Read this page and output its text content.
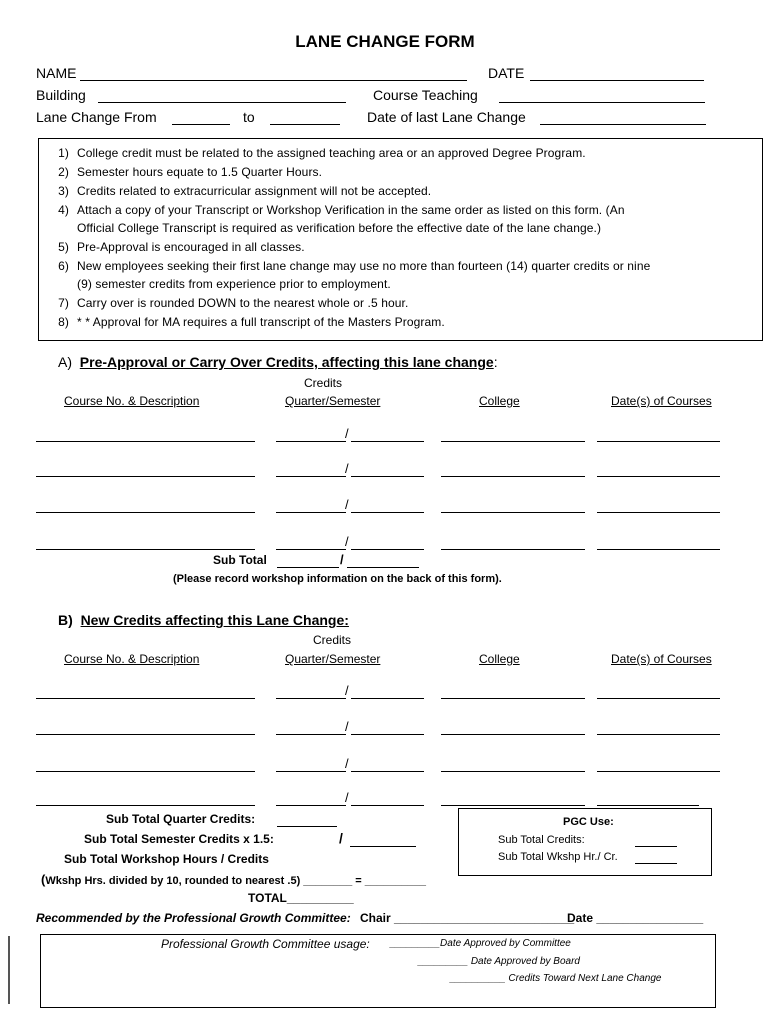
LANE CHANGE FORM
NAME	DATE
Building	Course Teaching
Lane Change From	to	Date of last Lane Change
1) College credit must be related to the assigned teaching area or an approved Degree Program.
2) Semester hours equate to 1.5 Quarter Hours.
3) Credits related to extracurricular assignment will not be accepted.
4) Attach a copy of your Transcript or Workshop Verification in the same order as listed on this form. (An
Official College Transcript is required as verification before the effective date of the lane change.)
5) Pre-Approval is encouraged in all classes.
6) New employees seeking their first lane change may use no more than fourteen (14) quarter credits or nine
(9) semester credits from experience prior to employment.
7) Carry over is rounded DOWN to the nearest whole or .5 hour.
8) * * Approval for MA requires a full transcript of the Masters Program.
A) Pre-Approval or Carry Over Credits, affecting this lane change:
Credits
Course No. & Description	Quarter/Semester	College	Date(s) of Courses
/
/
/
/
Sub Total	/
(Please record workshop information on the back of this form).
B) New Credits affecting this Lane Change:
Credits
Course No. & Description	Quarter/Semester	College	Date(s) of Courses
/
/
/
/
Sub Total Quarter Credits:
Sub Total Semester Credits x 1.5:	/
Sub Total Workshop Hours / Credits
(Wkshp Hrs. divided by 10, rounded to nearest .5) ________ = __________
TOTAL__________
PGC Use:
Sub Total Credits:
Sub Total Wkshp Hr./ Cr.
Recommended by the Professional Growth Committee: Chair ___________________________
Date ________________
Professional Growth Committee usage: _________Date Approved by Committee
_________ Date Approved by Board
__________ Credits Toward Next Lane Change
